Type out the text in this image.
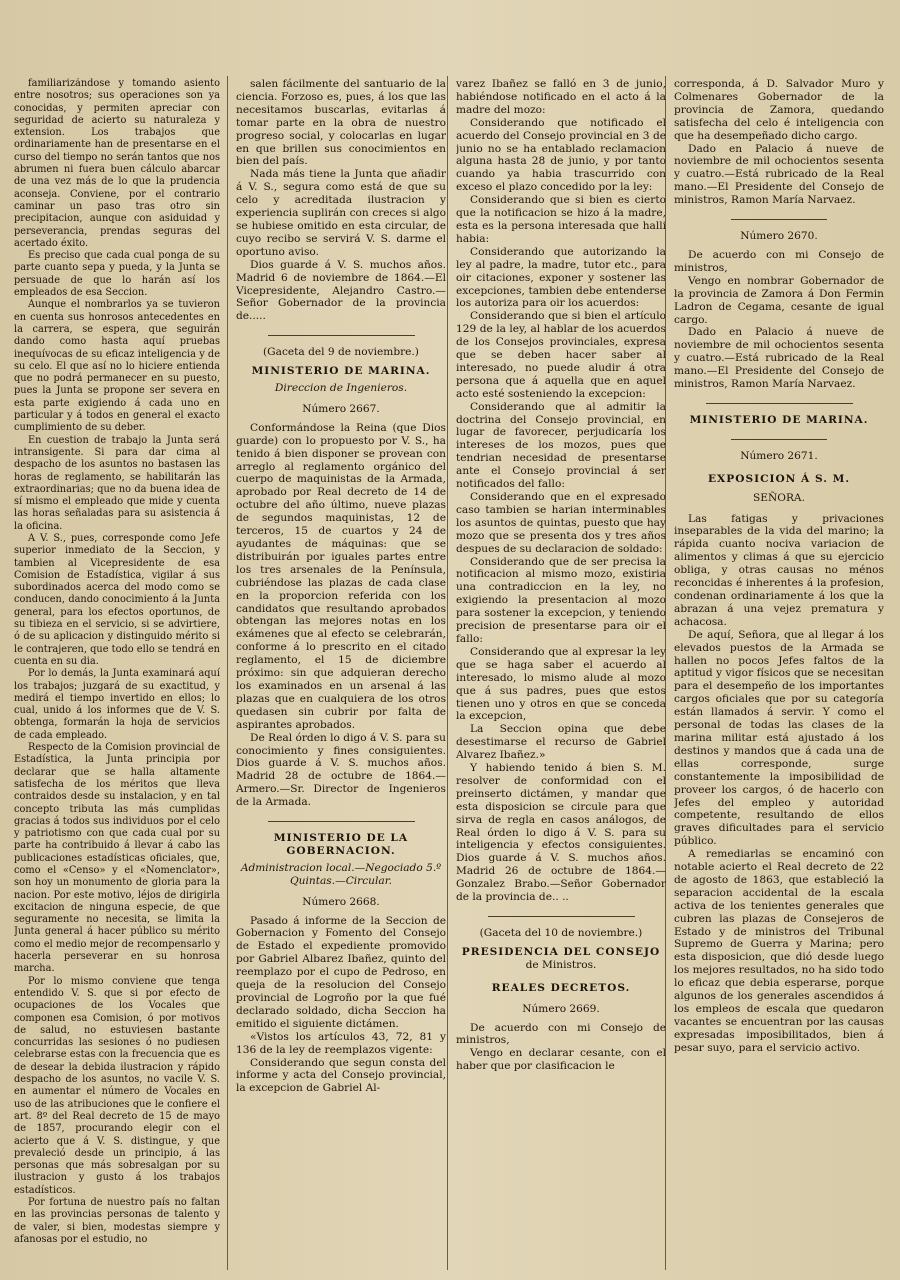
familiarizándose y tomando asiento entre nosotros; sus operaciones son ya conocidas, y permiten apreciar con seguridad de acierto su naturaleza y extension. Los trabajos que ordinariamente han de presentarse en el curso del tiempo no serán tantos que nos abrumen ni fuera buen cálculo abarcar de una vez más de lo que la prudencia aconseja. Conviene, por el contrario caminar un paso tras otro sin precipitacion, aunque con asiduidad y perseverancia, prendas seguras del acertado éxito.

Es preciso que cada cual ponga de su parte cuanto sepa y pueda, y la Junta se persuade de que lo harán así los empleados de esa Seccion.

Aunque el nombrarlos ya se tuvieron en cuenta sus honrosos antecedentes en la carrera, se espera, que seguirán dando como hasta aquí pruebas inequívocas de su eficaz inteligencia y de su celo. El que así no lo hiciere entienda que no podrá permanecer en su puesto, pues la Junta se propone ser severa en esta parte exigiendo á cada uno en particular y á todos en general el exacto cumplimiento de su deber.

En cuestion de trabajo la Junta será intransigente. Si para dar cima al despacho de los asuntos no bastasen las horas de reglamento, se habilitarán las extraordinarias; que no da buena idea de sí mismo el empleado que mide y cuenta las horas señaladas para su asistencia á la oficina.

A V. S., pues, corresponde como Jefe superior inmediato de la Seccion, y tambien al Vicepresidente de esa Comision de Estadística, vigilar á sus subordinados acerca del modo como se conducen, dando conocimiento á la Junta general, para los efectos oportunos, de su tibieza en el servicio, si se advirtiere, ó de su aplicacion y distinguido mérito si le contrajeren, que todo ello se tendrá en cuenta en su dia.

Por lo demás, la Junta examinará aquí los trabajos; juzgará de su exactitud, y medirá el tiempo invertido en ellos; lo cual, unido á los informes que de V. S. obtenga, formarán la hoja de servicios de cada empleado.

Respecto de la Comision provincial de Estadística, la Junta principia por declarar que se halla altamente satisfecha de los méritos que lleva contraidos desde su instalacion, y en tal concepto tributa las más cumplidas gracias á todos sus individuos por el celo y patriotismo con que cada cual por su parte ha contribuido á llevar á cabo las publicaciones estadísticas oficiales, que, como el «Censo» y el «Nomenclator», son hoy un monumento de gloria para la nacion. Por este motivo, léjos de dirigirla excitacion de ninguna especie, de que seguramente no necesita, se limita la Junta general á hacer público su mérito como el medio mejor de recompensarlo y hacerla perseverar en su honrosa marcha.

Por lo mismo conviene que tenga entendido V. S. que si por efecto de ocupaciones de los Vocales que componen esa Comision, ó por motivos de salud, no estuviesen bastante concurridas las sesiones ó no pudiesen celebrarse estas con la frecuencia que es de desear la debida ilustracion y rápido despacho de los asuntos, no vacile V. S. en aumentar el número de Vocales en uso de las atribuciones que le confiere el art. 8º del Real decreto de 15 de mayo de 1857, procurando elegir con el acierto que á V. S. distingue, y que prevaleció desde un principio, á las personas que más sobresalgan por su ilustracion y gusto á los trabajos estadísticos.

Por fortuna de nuestro país no faltan en las provincias personas de talento y de valer, si bien, modestas siempre y afanosas por el estudio, no

salen fácilmente del santuario de la ciencia. Forzoso es, pues, á los que las necesitamos buscarlas, evitarlas á tomar parte en la obra de nuestro progreso social, y colocarlas en lugar en que brillen sus conocimientos en bien del país.

Nada más tiene la Junta que añadir á V. S., segura como está de que su celo y acreditada ilustracion y experiencia suplirán con creces si algo se hubiese omitido en esta circular, de cuyo recibo se servirá V. S. darme el oportuno aviso.

Dios guarde á V. S. muchos años. Madrid 6 de noviembre de 1864.—El Vicepresidente, Alejandro Castro.—Señor Gobernador de la provincia de.....

(Gaceta del 9 de noviembre.)

MINISTERIO DE MARINA.

Direccion de Ingenieros.

Número 2667.

Conformándose la Reina (que Dios guarde) con lo propuesto por V. S., ha tenido á bien disponer se provean con arreglo al reglamento orgánico del cuerpo de maquinistas de la Armada, aprobado por Real decreto de 14 de octubre del año último, nueve plazas de segundos maquinistas, 12 de terceros, 15 de cuartos y 24 de ayudantes de máquinas: que se distribuirán por iguales partes entre los tres arsenales de la Península, cubriéndose las plazas de cada clase en la proporcion referida con los candidatos que resultando aprobados obtengan las mejores notas en los exámenes que al efecto se celebrarán, conforme á lo prescrito en el citado reglamento, el 15 de diciembre próximo: sin que adquieran derecho los examinados en un arsenal á las plazas que en cualquiera de los otros quedasen sin cubrir por falta de aspirantes aprobados.

De Real órden lo digo á V. S. para su conocimiento y fines consiguientes. Dios guarde á V. S. muchos años. Madrid 28 de octubre de 1864.—Armero.—Sr. Director de Ingenieros de la Armada.

MINISTERIO DE LA GOBERNACION.

Administracion local.—Negociado 5.º Quintas.—Circular.

Número 2668.

Pasado á informe de la Seccion de Gobernacion y Fomento del Consejo de Estado el expediente promovido por Gabriel Albarez Ibañez, quinto del reemplazo por el cupo de Pedroso, en queja de la resolucion del Consejo provincial de Logroño por la que fué declarado soldado, dicha Seccion ha emitido el siguiente dictámen.

«Vistos los artículos 43, 72, 81 y 136 de la ley de reemplazos vigente:

Considerando que segun consta del informe y acta del Consejo provincial, la excepcion de Gabriel Al-

varez Ibañez se falló en 3 de junio, habiéndose notificado en el acto á la madre del mozo:

Considerando que notificado el acuerdo del Consejo provincial en 3 de junio no se ha entablado reclamacion alguna hasta 28 de junio, y por tanto cuando ya habia trascurrido con exceso el plazo concedido por la ley:

Considerando que si bien es cierto que la notificacion se hizo á la madre, esta es la persona interesada que halli habia:

Considerando que autorizando la ley al padre, la madre, tutor etc., para oir citaciones, exponer y sostener las excepciones, tambien debe entenderse los autoriza para oir los acuerdos:

Considerando que si bien el artículo 129 de la ley, al hablar de los acuerdos de los Consejos provinciales, expresa que se deben hacer saber al interesado, no puede aludir á otra persona que á aquella que en aquel acto esté sosteniendo la excepcion:

Considerando que al admitir la doctrina del Consejo provincial, en lugar de favorecer, perjudicaría los intereses de los mozos, pues que tendrian necesidad de presentarse ante el Consejo provincial á ser notificados del fallo:

Considerando que en el expresado caso tambien se harian interminables los asuntos de quintas, puesto que hay mozo que se presenta dos y tres años despues de su declaracion de soldado:

Considerando que de ser precisa la notificacion al mismo mozo, existiria una contradiccion en la ley, no exigiendo la presentacion al mozo para sostener la excepcion, y teniendo precision de presentarse para oir el fallo:

Considerando que al expresar la ley que se haga saber el acuerdo al interesado, lo mismo alude al mozo que á sus padres, pues que estos tienen uno y otros en que se conceda la excepcion,

La Seccion opina que debe desestimarse el recurso de Gabriel Alvarez Ibañez.»

Y habiendo tenido á bien S. M. resolver de conformidad con el preinserto dictámen, y mandar que esta disposicion se circule para que sirva de regla en casos análogos, de Real órden lo digo á V. S. para su inteligencia y efectos consiguientes. Dios guarde á V. S. muchos años. Madrid 26 de octubre de 1864.—Gonzalez Brabo.—Señor Gobernador de la provincia de.. ..

(Gaceta del 10 de noviembre.)

PRESIDENCIA DEL CONSEJO

de Ministros.

REALES DECRETOS.

Número 2669.

De acuerdo con mi Consejo de ministros,

Vengo en declarar cesante, con el haber que por clasificacion le

corresponda, á D. Salvador Muro y Colmenares Gobernador de la provincia de Zamora, quedando satisfecha del celo é inteligencia con que ha desempeñado dicho cargo.

Dado en Palacio á nueve de noviembre de mil ochocientos sesenta y cuatro.—Está rubricado de la Real mano.—El Presidente del Consejo de ministros, Ramon María Narvaez.

Número 2670.

De acuerdo con mi Consejo de ministros,

Vengo en nombrar Gobernador de la provincia de Zamora á Don Fermin Ladron de Cegama, cesante de igual cargo.

Dado en Palacio á nueve de noviembre de mil ochocientos sesenta y cuatro.—Está rubricado de la Real mano.—El Presidente del Consejo de ministros, Ramon María Narvaez.

MINISTERIO DE MARINA.

Número 2671.

EXPOSICION Á S. M.

SEÑORA.

Las fatigas y privaciones inseparables de la vida del marino; la rápida cuanto nociva variacion de alimentos y climas á que su ejercicio obliga, y otras causas no ménos reconcidas é inherentes á la profesion, condenan ordinariamente á los que la abrazan á una vejez prematura y achacosa.

De aquí, Señora, que al llegar á los elevados puestos de la Armada se hallen no pocos Jefes faltos de la aptitud y vigor físicos que se necesitan para el desempeño de los importantes cargos oficiales que por su categoría están llamados á servir. Y como el personal de todas las clases de la marina militar está ajustado á los destinos y mandos que á cada una de ellas corresponde, surge constantemente la imposibilidad de proveer los cargos, ó de hacerlo con Jefes del empleo y autoridad competente, resultando de ellos graves dificultades para el servicio público.

A remediarlas se encaminó con notable acierto el Real decreto de 22 de agosto de 1863, que estableció la separacion accidental de la escala activa de los tenientes generales que cubren las plazas de Consejeros de Estado y de ministros del Tribunal Supremo de Guerra y Marina; pero esta disposicion, que dió desde luego los mejores resultados, no ha sido todo lo eficaz que debia esperarse, porque algunos de los generales ascendidos á los empleos de escala que quedaron vacantes se encuentran por las causas expresadas imposibilitados, bien á pesar suyo, para el servicio activo.
